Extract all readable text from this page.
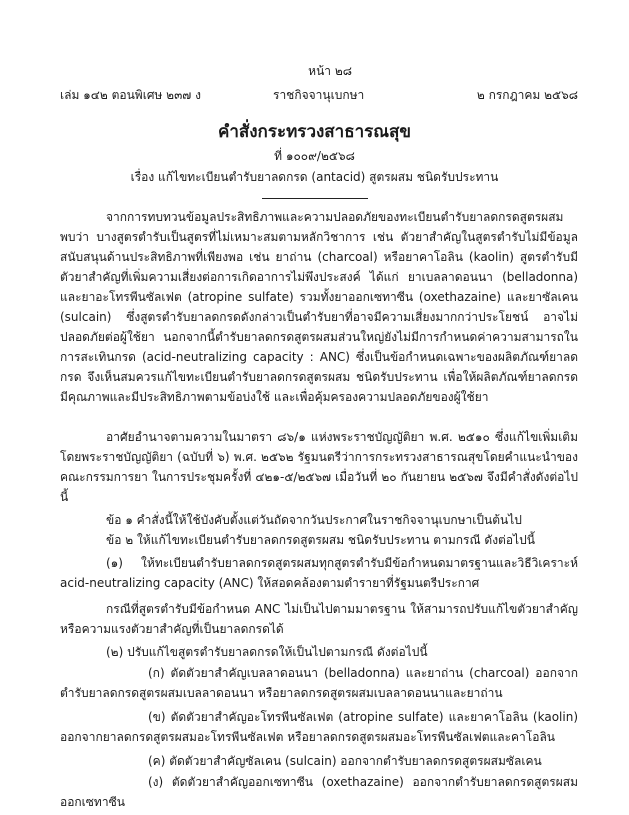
หน้า ๒๘
เล่ม ๑๔๒ ตอนพิเศษ ๒๓๗ ง	ราชกิจจานุเบกษา	๒ กรกฎาคม ๒๕๖๘
คำสั่งกระทรวงสาธารณสุข
ที่ ๑๐๐๙/๒๕๖๘
เรื่อง แก้ไขทะเบียนตำรับยาลดกรด (antacid) สูตรผสม ชนิดรับประทาน

จากการทบทวนข้อมูลประสิทธิภาพและความปลอดภัยของทะเบียนตำรับยาลดกรดสูตรผสม พบว่า บางสูตรตำรับเป็นสูตรที่ไม่เหมาะสมตามหลักวิชาการ เช่น ตัวยาสำคัญในสูตรตำรับไม่มีข้อมูลสนับสนุนด้านประสิทธิภาพที่เพียงพอ เช่น ยาถ่าน (charcoal) หรือยาคาโอลิน (kaolin) สูตรตำรับมีตัวยาสำคัญที่เพิ่มความเสี่ยงต่อการเกิดอาการไม่พึงประสงค์ ได้แก่ ยาเบลลาดอนนา (belladonna) และยาอะโทรพีนซัลเฟต (atropine sulfate) รวมทั้งยาออกเซทาซีน (oxethazaine) และยาซัลเคน (sulcain) ซึ่งสูตรตำรับยาลดกรดดังกล่าวเป็นตำรับยาที่อาจมีความเสี่ยงมากกว่าประโยชน์ อาจไม่ปลอดภัยต่อผู้ใช้ยา นอกจากนี้ตำรับยาลดกรดสูตรผสมส่วนใหญ่ยังไม่มีการกำหนดค่าความสามารถในการสะเทินกรด (acid-neutralizing capacity : ANC) ซึ่งเป็นข้อกำหนดเฉพาะของผลิตภัณฑ์ยาลดกรด จึงเห็นสมควรแก้ไขทะเบียนตำรับยาลดกรดสูตรผสม ชนิดรับประทาน เพื่อให้ผลิตภัณฑ์ยาลดกรดมีคุณภาพและมีประสิทธิภาพตามข้อบ่งใช้ และเพื่อคุ้มครองความปลอดภัยของผู้ใช้ยา

อาศัยอำนาจตามความในมาตรา ๘๖/๑ แห่งพระราชบัญญัติยา พ.ศ. ๒๕๑๐ ซึ่งแก้ไขเพิ่มเติมโดยพระราชบัญญัติยา (ฉบับที่ ๖) พ.ศ. ๒๕๖๒ รัฐมนตรีว่าการกระทรวงสาธารณสุขโดยคำแนะนำของคณะกรรมการยา ในการประชุมครั้งที่ ๔๒๑-๕/๒๕๖๗ เมื่อวันที่ ๒๐ กันยายน ๒๕๖๗ จึงมีคำสั่งดังต่อไปนี้

ข้อ ๑ คำสั่งนี้ให้ใช้บังคับตั้งแต่วันถัดจากวันประกาศในราชกิจจานุเบกษาเป็นต้นไป

ข้อ ๒ ให้แก้ไขทะเบียนตำรับยาลดกรดสูตรผสม ชนิดรับประทาน ตามกรณี ดังต่อไปนี้

(๑) ให้ทะเบียนตำรับยาลดกรดสูตรผสมทุกสูตรตำรับมีข้อกำหนดมาตรฐานและวิธีวิเคราะห์ acid-neutralizing capacity (ANC) ให้สอดคล้องตามตำรายาที่รัฐมนตรีประกาศ

กรณีที่สูตรตำรับมีข้อกำหนด ANC ไม่เป็นไปตามมาตรฐาน ให้สามารถปรับแก้ไขตัวยาสำคัญหรือความแรงตัวยาสำคัญที่เป็นยาลดกรดได้

(๒) ปรับแก้ไขสูตรตำรับยาลดกรดให้เป็นไปตามกรณี ดังต่อไปนี้

(ก) ตัดตัวยาสำคัญเบลลาดอนนา (belladonna) และยาถ่าน (charcoal) ออกจากตำรับยาลดกรดสูตรผสมเบลลาดอนนา หรือยาลดกรดสูตรผสมเบลลาดอนนาและยาถ่าน

(ข) ตัดตัวยาสำคัญอะโทรพีนซัลเฟต (atropine sulfate) และยาคาโอลิน (kaolin) ออกจากยาลดกรดสูตรผสมอะโทรพีนซัลเฟต หรือยาลดกรดสูตรผสมอะโทรพีนซัลเฟตและคาโอลิน

(ค) ตัดตัวยาสำคัญซัลเคน (sulcain) ออกจากตำรับยาลดกรดสูตรผสมซัลเคน

(ง) ตัดตัวยาสำคัญออกเซทาซีน (oxethazaine) ออกจากตำรับยาลดกรดสูตรผสมออกเซทาซีน
